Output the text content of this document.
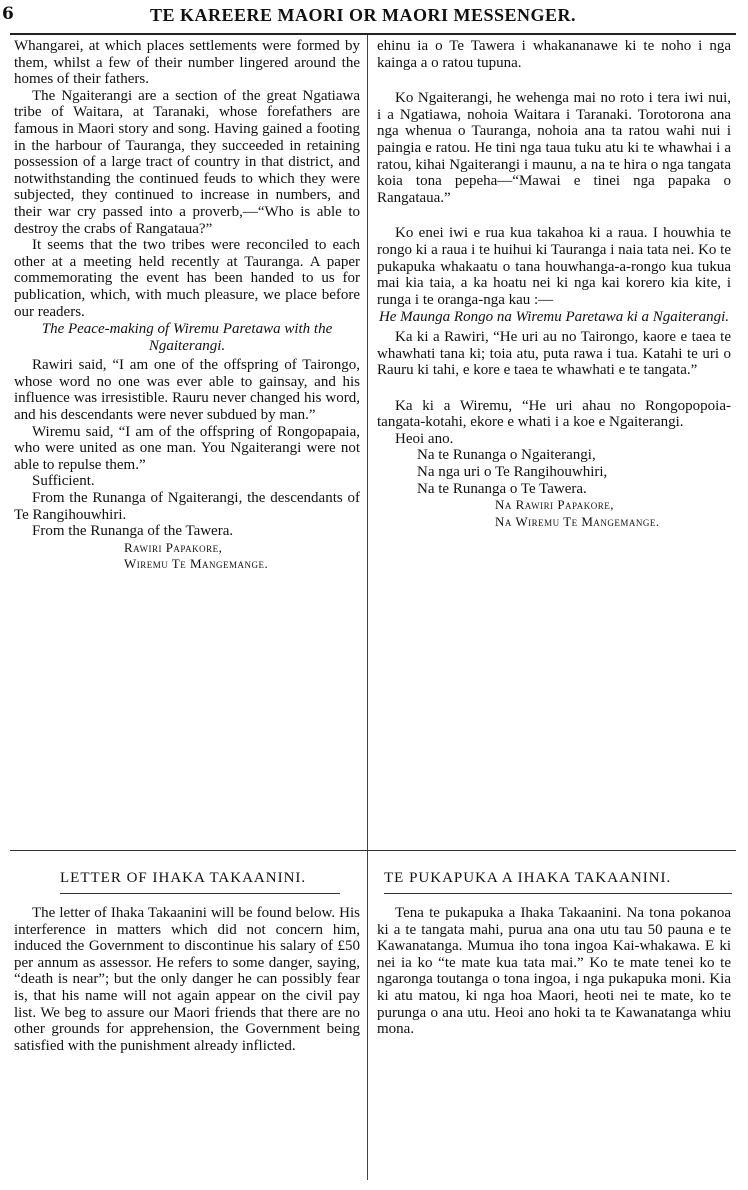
6	TE KAREERE MAORI OR MAORI MESSENGER.

Whangarei, at which places settlements were formed by them, whilst a few of their number lingered around the homes of their fathers.

The Ngaiterangi are a section of the great Ngatiawa tribe of Waitara, at Taranaki, whose forefathers are famous in Maori story and song. Having gained a footing in the harbour of Tauranga, they succeeded in retaining possession of a large tract of country in that district, and notwithstanding the continued feuds to which they were subjected, they continued to increase in numbers, and their war cry passed into a proverb,—“Who is able to destroy the crabs of Rangataua?”

It seems that the two tribes were reconciled to each other at a meeting held recently at Tauranga. A paper commemorating the event has been handed to us for publication, which, with much pleasure, we place before our readers.

The Peace-making of Wiremu Paretawa with the Ngaiterangi.

Rawiri said, “I am one of the offspring of Tairongo, whose word no one was ever able to gainsay, and his influence was irresistible. Rauru never changed his word, and his descendants were never subdued by man.”

Wiremu said, “I am of the offspring of Rongopapaia, who were united as one man. You Ngaiterangi were not able to repulse them.”

Sufficient.

From the Runanga of Ngaiterangi, the descendants of Te Rangihouwhiri.

From the Runanga of the Tawera.

Rawiri Papakore,

Wiremu Te Mangemange.

ehinu ia o Te Tawera i whakananawe ki te noho i nga kainga a o ratou tupuna.

Ko Ngaiterangi, he wehenga mai no roto i tera iwi nui, i a Ngatiawa, nohoia Waitara i Taranaki. Torotorona ana nga whenua o Tauranga, nohoia ana ta ratou wahi nui i paingia e ratou. He tini nga taua tuku atu ki te whawhai i a ratou, kihai Ngaiterangi i maunu, a na te hira o nga tangata koia tona pepeha—“Mawai e tinei nga papaka o Rangataua.”

Ko enei iwi e rua kua takahoa ki a raua. I houwhia te rongo ki a raua i te huihui ki Tauranga i naia tata nei. Ko te pukapuka whakaatu o tana houwhanga-a-rongo kua tukua mai kia taia, a ka hoatu nei ki nga kai korero kia kite, i runga i te oranga-nga kau :—

He Maunga Rongo na Wiremu Paretawa ki a Ngaiterangi.

Ka ki a Rawiri, “He uri au no Tairongo, kaore e taea te whawhati tana ki; toia atu, puta rawa i tua. Katahi te uri o Rauru ki tahi, e kore e taea te whawhati e te tangata.”

Ka ki a Wiremu, “He uri ahau no Rongopopoia-tangata-kotahi, ekore e whati i a koe e Ngaiterangi.

Heoi ano.

Na te Runanga o Ngaiterangi,

Na nga uri o Te Rangihouwhiri,

Na te Runanga o Te Tawera.

Na Rawiri Papakore,

Na Wiremu Te Mangemange.

LETTER OF IHAKA TAKAANINI.	TE PUKAPUKA A IHAKA TAKAANINI.

The letter of Ihaka Takaanini will be found below. His interference in matters which did not concern him, induced the Government to discontinue his salary of £50 per annum as assessor. He refers to some danger, saying, “death is near”; but the only danger he can possibly fear is, that his name will not again appear on the civil pay list. We beg to assure our Maori friends that there are no other grounds for apprehension, the Government being satisfied with the punishment already inflicted.

Tena te pukapuka a Ihaka Takaanini. Na tona pokanoa ki a te tangata mahi, purua ana ona utu tau 50 pauna e te Kawanatanga. Mumua iho tona ingoa Kai-whakawa. E ki nei ia ko “te mate kua tata mai.” Ko te mate tenei ko te ngaronga toutanga o tona ingoa, i nga pukapuka moni. Kia ki atu matou, ki nga hoa Maori, heoti nei te mate, ko te purunga o ana utu. Heoi ano hoki ta te Kawanatanga whiu mona.
